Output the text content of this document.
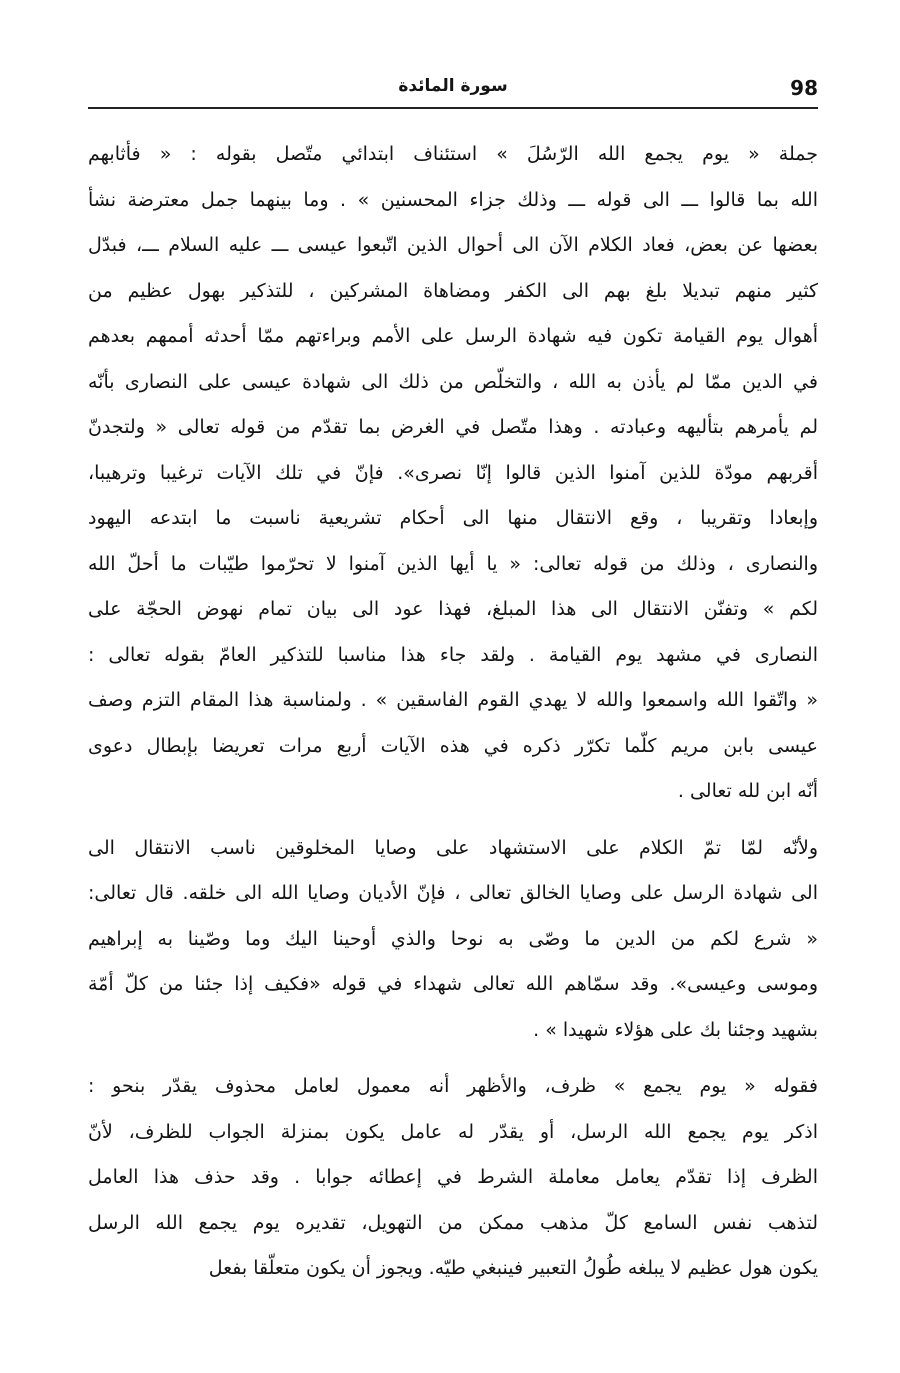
98
سورة المائدة
جملة « يوم يجمع الله الرّسُلَ » استئناف ابتدائي متّصل بقوله : « فأثابهم
الله بما قالوا ـــ الى قوله ـــ وذلك جزاء المحسنين » . وما بينهما جمل معترضة نشأ
بعضها عن بعض، فعاد الكلام الآن الى أحوال الذين اتّبعوا عيسى ـــ عليه السلام ـــ، فبدّل
كثير منهم تبديلا بلغ بهم الى الكفر ومضاهاة المشركين ، للتذكير بهول عظيم من
أهوال يوم القيامة تكون فيه شهادة الرسل على الأمم وبراءتهم ممّا أحدثه أممهم بعدهم
في الدين ممّا لم يأذن به الله ، والتخلّص من ذلك الى شهادة عيسى على النصارى بأنّه
لم يأمرهم بتأليهه وعبادته . وهذا متّصل في الغرض بما تقدّم من قوله تعالى « ولتجدنّ
أقربهم مودّة للذين آمنوا الذين قالوا إنّا نصرى». فإنّ في تلك الآيات ترغيبا وترهيبا،
وإبعادا وتقريبا ، وقع الانتقال منها الى أحكام تشريعية ناسبت ما ابتدعه اليهود
والنصارى ، وذلك من قوله تعالى: « يا أيها الذين آمنوا لا تحرّموا طيّبات ما أحلّ الله
لكم » وتفنّن الانتقال الى هذا المبلغ، فهذا عود الى بيان تمام نهوض الحجّة على
النصارى في مشهد يوم القيامة . ولقد جاء هذا مناسبا للتذكير العامّ بقوله تعالى :
« واتّقوا الله واسمعوا والله لا يهدي القوم الفاسقين » . ولمناسبة هذا المقام التزم وصف
عيسى بابن مريم كلّما تكرّر ذكره في هذه الآيات أربع مرات تعريضا بإبطال دعوى
أنّه ابن لله تعالى .
ولأنّه لمّا تمّ الكلام على الاستشهاد على وصايا المخلوقين ناسب الانتقال الى
الى شهادة الرسل على وصايا الخالق تعالى ، فإنّ الأديان وصايا الله الى خلقه. قال تعالى:
« شرع لكم من الدين ما وصّى به نوحا والذي أوحينا اليك وما وصّينا به إبراهيم
وموسى وعيسى». وقد سمّاهم الله تعالى شهداء في قوله «فكيف إذا جئنا من كلّ أمّة
بشهيد وجئنا بك على هؤلاء شهيدا » .
فقوله « يوم يجمع » ظرف، والأظهر أنه معمول لعامل محذوف يقدّر بنحو :
اذكر يوم يجمع الله الرسل، أو يقدّر له عامل يكون بمنزلة الجواب للظرف، لأنّ
الظرف إذا تقدّم يعامل معاملة الشرط في إعطائه جوابا . وقد حذف هذا العامل
لتذهب نفس السامع كلّ مذهب ممكن من التهويل، تقديره يوم يجمع الله الرسل
يكون هول عظيم لا يبلغه طُولُ التعبير فينبغي طيّه. ويجوز أن يكون متعلّقا بفعل
